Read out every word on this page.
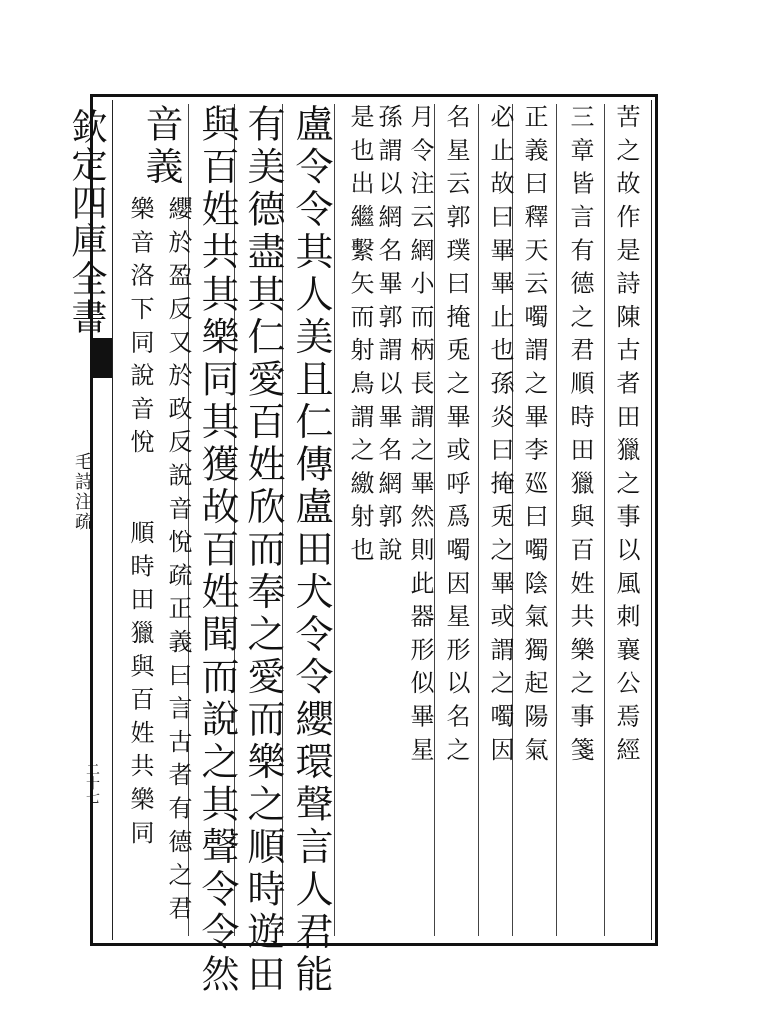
欽定四庫全書
毛詩注疏
二十七
苦之故作是詩陳古者田獵之事以風刺襄公焉經
三章皆言有德之君順時田獵與百姓共樂之事箋
正義曰釋天云噣謂之畢李廵曰噣陰氣獨起陽氣
必止故曰畢畢止也孫炎曰掩兎之畢或謂之噣因
名星云郭璞曰掩兎之畢或呼爲噣因星形以名之
月令注云網小而柄長謂之畢然則此器形似畢星
孫謂以網名畢郭謂以畢名網郭說
是也出繼繫矢而射鳥謂之繳射也
盧令令其人美且仁傳盧田犬令令纓環聲言人君能
有美德盡其仁愛百姓欣而奉之愛而樂之順時遊田
與百姓共其樂同其獲故百姓聞而說之其聲令令然
音義
纓於盈反又於政反說音悅疏正義曰言古者有德之君
樂音洛下同說音悅
順時田獵與百姓共樂同
